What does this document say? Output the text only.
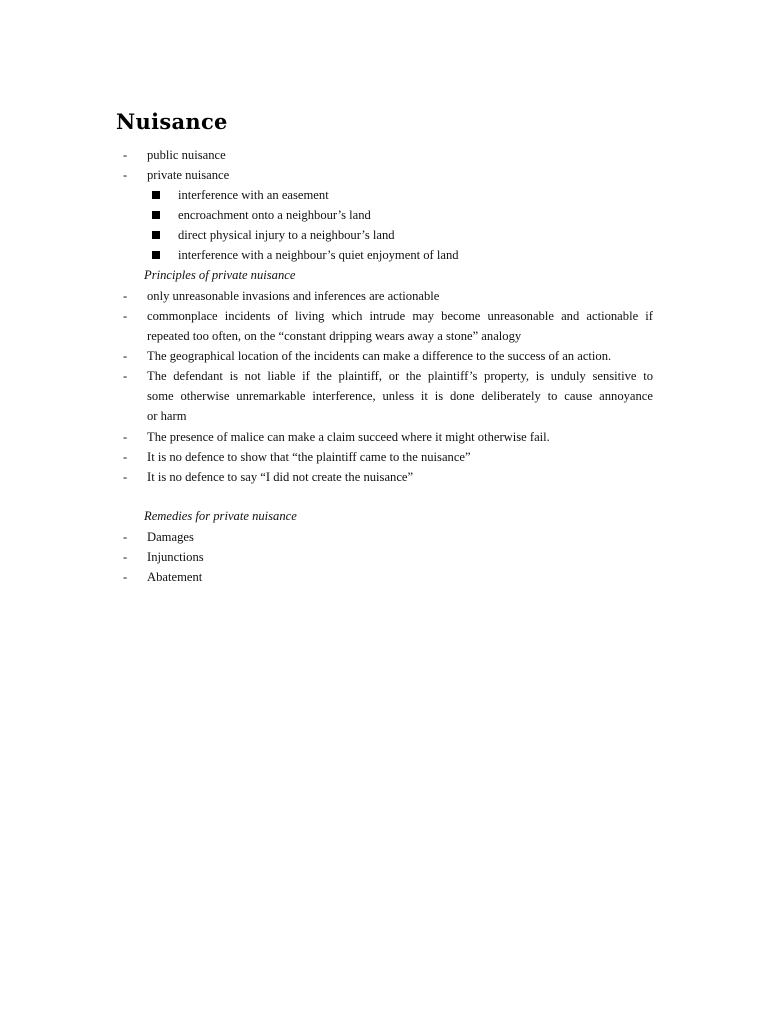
Nuisance
- public nuisance
- private nuisance
interference with an easement
encroachment onto a neighbour’s land
direct physical injury to a neighbour’s land
interference with a neighbour’s quiet enjoyment of land
Principles of private nuisance
- only unreasonable invasions and inferences are actionable
- commonplace incidents of living which intrude may become unreasonable and actionable if
repeated too often, on the “constant dripping wears away a stone” analogy
- The geographical location of the incidents can make a difference to the success of an action.
- The defendant is not liable if the plaintiff, or the plaintiff’s property, is unduly sensitive to
some otherwise unremarkable interference, unless it is done deliberately to cause annoyance
or harm
- The presence of malice can make a claim succeed where it might otherwise fail.
- It is no defence to show that “the plaintiff came to the nuisance”
- It is no defence to say “I did not create the nuisance”
Remedies for private nuisance
- Damages
- Injunctions
- Abatement
